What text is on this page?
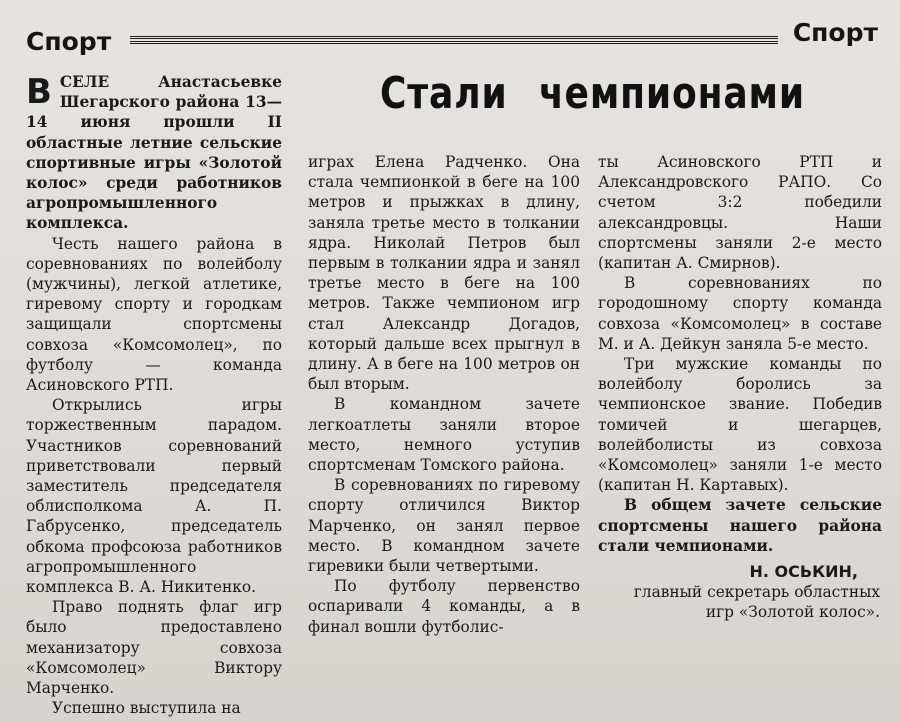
Спорт	Спорт
Стали чемпионами

ВСЕЛЕ Анастасьевке Шегарского района 13—14 июня прошли II областные летние сельские спортивные игры «Золотой колос» среди работников агропромышленного комплекса.

Честь нашего района в соревнованиях по волейболу (мужчины), легкой атлетике, гиревому спорту и городкам защищали спортсмены совхоза «Комсомолец», по футболу — команда Асиновского РТП.

Открылись игры торжественным парадом. Участников соревнований приветствовали первый заместитель председателя облисполкома А. П. Габрусенко, председатель обкома профсоюза работников агропромышленного комплекса В. А. Никитенко.

Право поднять флаг игр было предоставлено механизатору совхоза «Комсомолец» Виктору Марченко.

Успешно выступила на

играх Елена Радченко. Она стала чемпионкой в беге на 100 метров и прыжках в длину, заняла третье место в толкании ядра. Николай Петров был первым в толкании ядра и занял третье место в беге на 100 метров. Также чемпионом игр стал Александр Догадов, который дальше всех прыгнул в длину. А в беге на 100 метров он был вторым.

В командном зачете легкоатлеты заняли второе место, немного уступив спортсменам Томского района.

В соревнованиях по гиревому спорту отличился Виктор Марченко, он занял первое место. В командном зачете гиревики были четвертыми.

По футболу первенство оспаривали 4 команды, а в финал вошли футболис-

ты Асиновского РТП и Александровского РАПО. Со счетом 3:2 победили александровцы. Наши спортсмены заняли 2-е место (капитан А. Смирнов).

В соревнованиях по городошному спорту команда совхоза «Комсомолец» в составе М. и А. Дейкун заняла 5-е место.

Три мужские команды по волейболу боролись за чемпионское звание. Победив томичей и шегарцев, волейболисты из совхоза «Комсомолец» заняли 1-е место (капитан Н. Картавых).

В общем зачете сельские спортсмены нашего района стали чемпионами.

Н. ОСЬКИН,

главный секретарь областных игр «Золотой колос».
